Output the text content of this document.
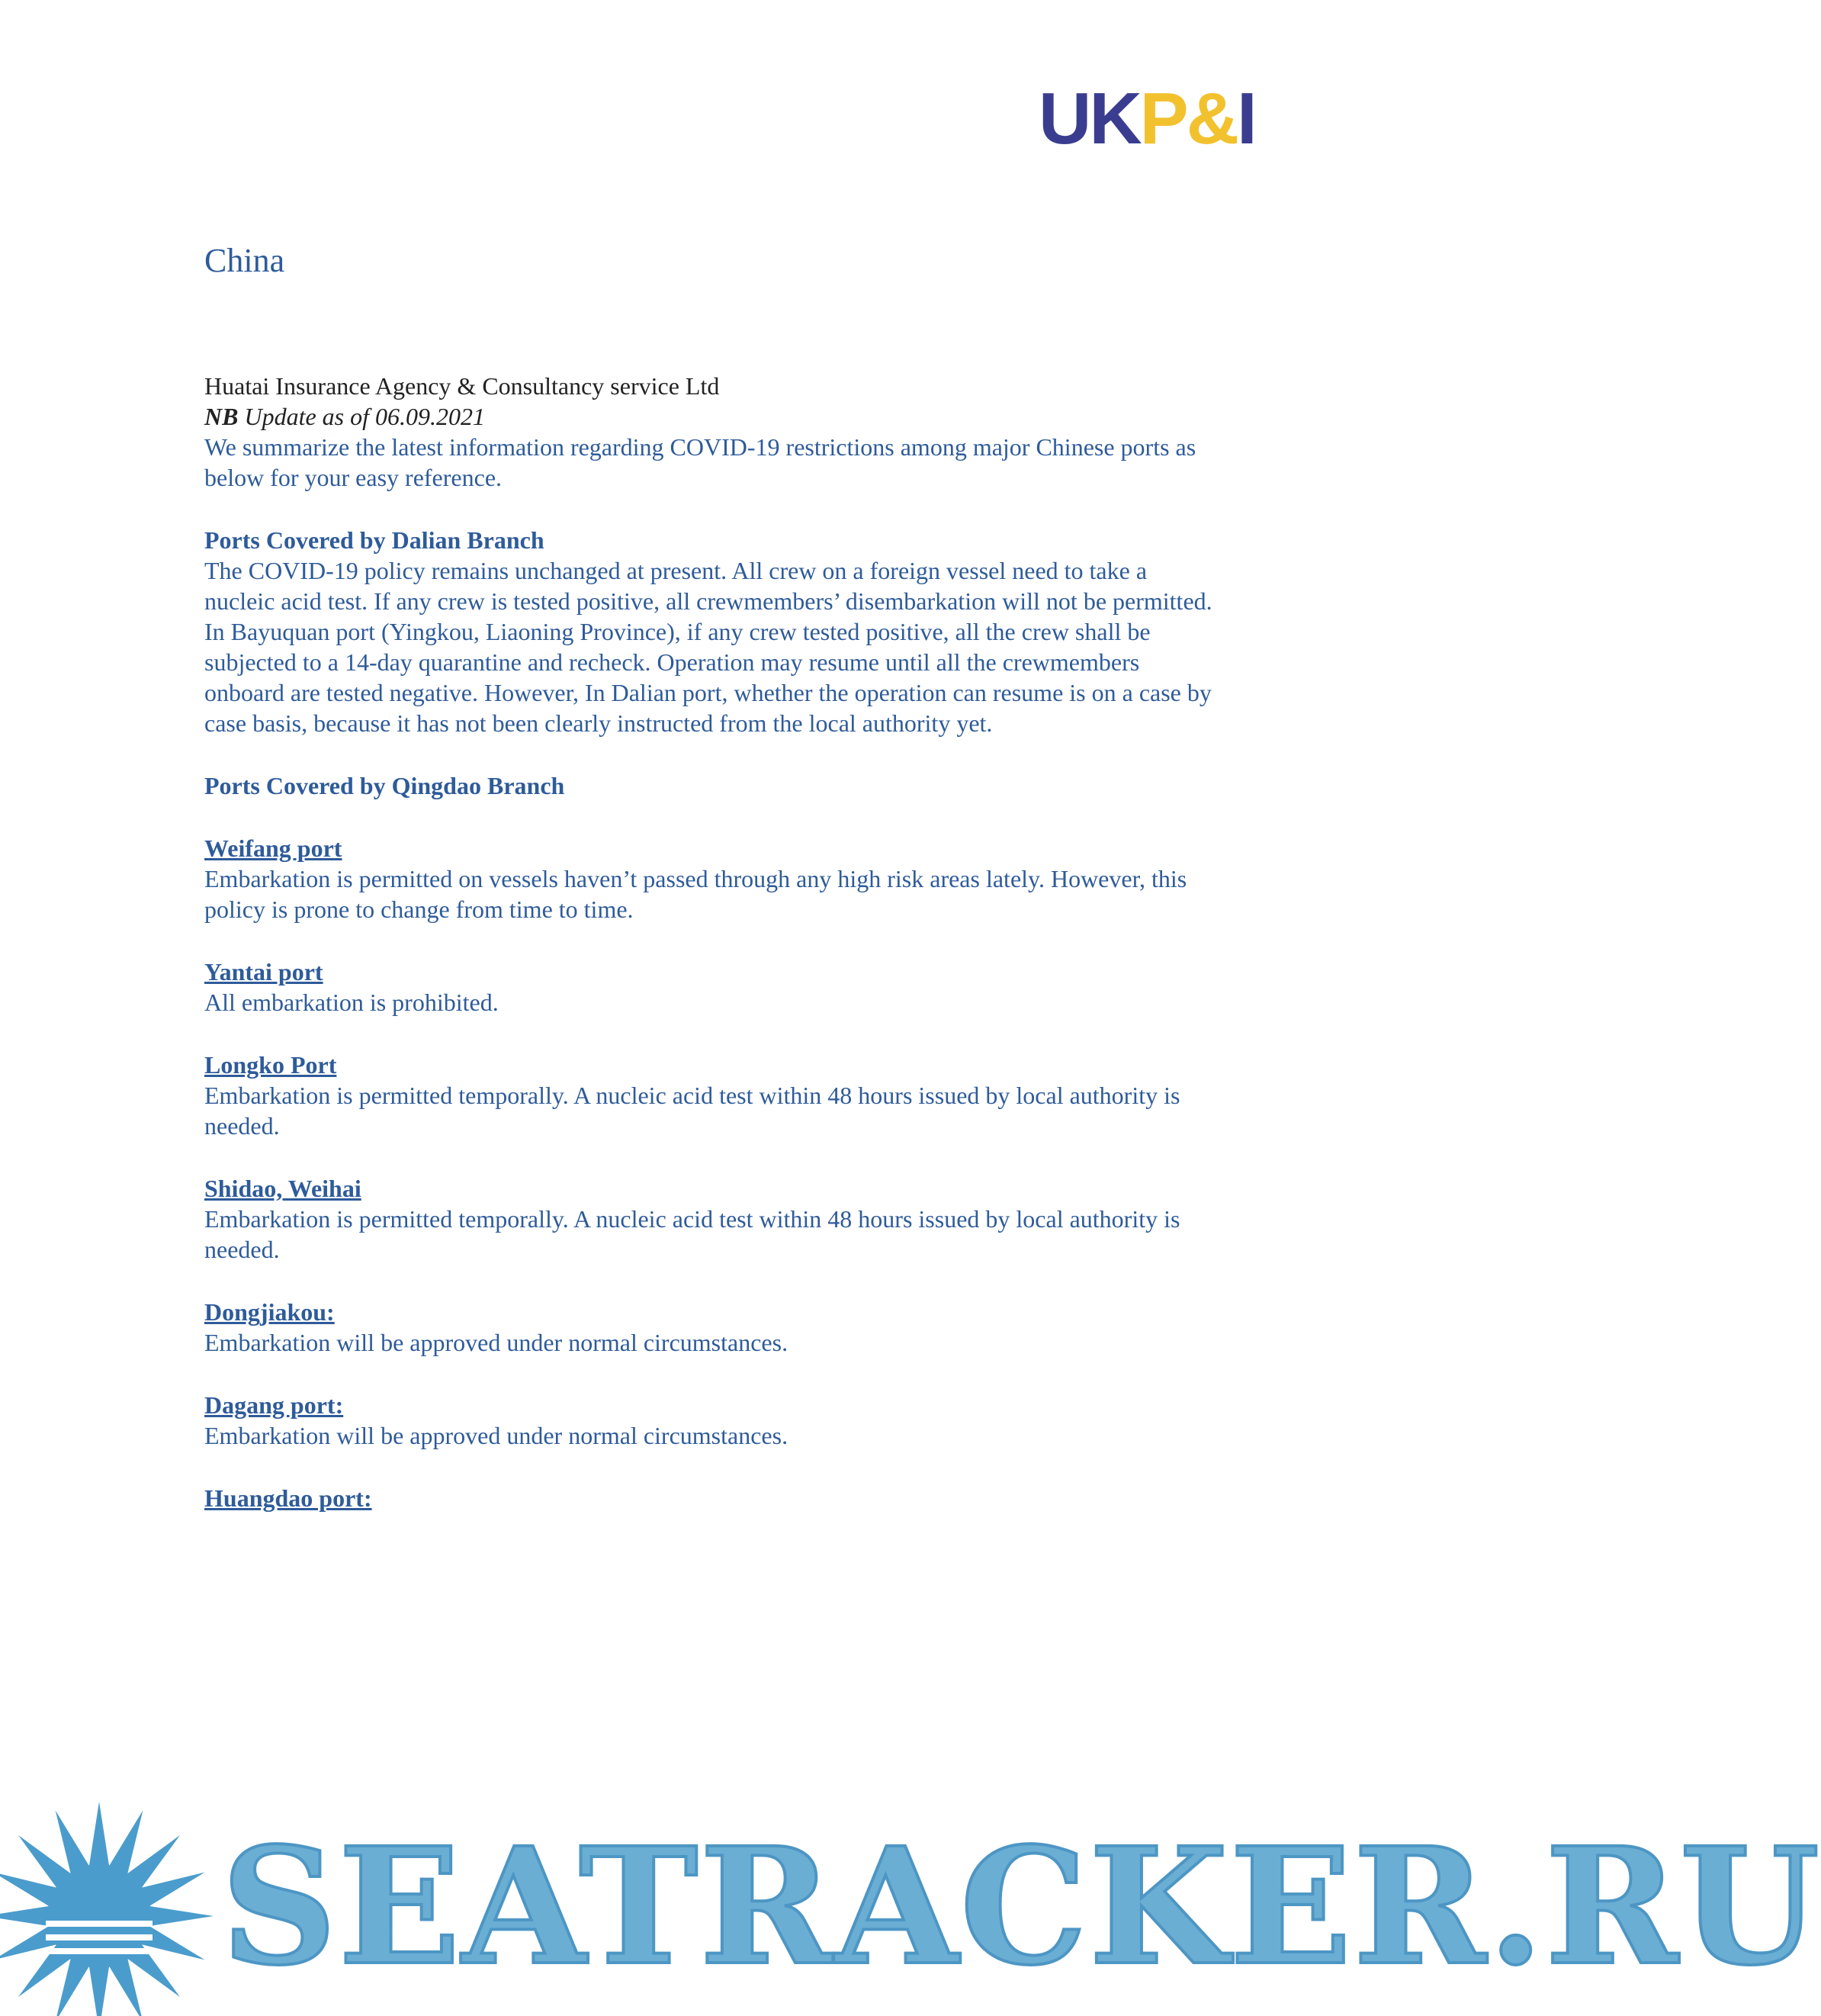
UKP&I
China
Huatai Insurance Agency & Consultancy service Ltd
NB Update as of 06.09.2021

We summarize the latest information regarding COVID-19 restrictions among major Chinese ports as below for your easy reference.

Ports Covered by Dalian Branch

The COVID-19 policy remains unchanged at present. All crew on a foreign vessel need to take a nucleic acid test. If any crew is tested positive, all crewmembers’ disembarkation will not be permitted. In Bayuquan port (Yingkou, Liaoning Province), if any crew tested positive, all the crew shall be subjected to a 14-day quarantine and recheck. Operation may resume until all the crewmembers onboard are tested negative. However, In Dalian port, whether the operation can resume is on a case by case basis, because it has not been clearly instructed from the local authority yet.

Ports Covered by Qingdao Branch
Weifang port

Embarkation is permitted on vessels haven’t passed through any high risk areas lately. However, this policy is prone to change from time to time.

Yantai port

All embarkation is prohibited.

Longko Port

Embarkation is permitted temporally. A nucleic acid test within 48 hours issued by local authority is needed.

Shidao, Weihai

Embarkation is permitted temporally. A nucleic acid test within 48 hours issued by local authority is needed.

Dongjiakou:

Embarkation will be approved under normal circumstances.

Dagang port:

Embarkation will be approved under normal circumstances.

Huangdao port:
SEATRACKER.RU
